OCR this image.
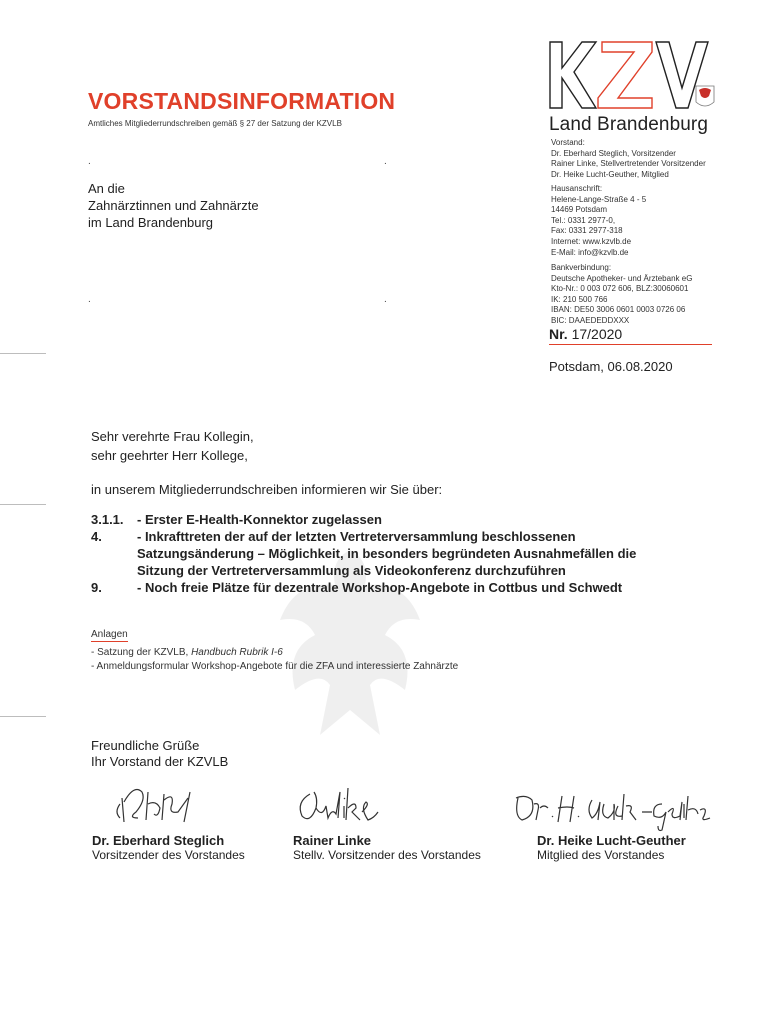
VORSTANDSINFORMATION
Amtliches Mitgliederrundschreiben gemäß § 27 der Satzung der KZVLB
.	.
.	.
An die
Zahnärztinnen und Zahnärzte
im Land Brandenburg
Land Brandenburg
Vorstand:
Dr. Eberhard Steglich, Vorsitzender
Rainer Linke, Stellvertretender Vorsitzender
Dr. Heike Lucht-Geuther, Mitglied
Hausanschrift:
Helene-Lange-Straße 4 - 5
14469 Potsdam
Tel.: 0331 2977-0,
Fax: 0331 2977-318
Internet: www.kzvlb.de
E-Mail: info@kzvlb.de
Bankverbindung:
Deutsche Apotheker- und Ärztebank eG
Kto-Nr.: 0 003 072 606, BLZ:30060601
IK: 210 500 766
IBAN: DE50 3006 0601 0003 0726 06
BIC: DAAEDEDDXXX
Nr. 17/2020
Potsdam, 06.08.2020
Sehr verehrte Frau Kollegin,
sehr geehrter Herr Kollege,
in unserem Mitgliederrundschreiben informieren wir Sie über:
3.1.1.	- Erster E-Health-Konnektor zugelassen
4.	- Inkrafttreten der auf der letzten Vertreterversammlung beschlossenen Satzungsänderung – Möglichkeit, in besonders begründeten Ausnahmefällen die Sitzung der Vertreterversammlung als Videokonferenz durchzuführen
9.	- Noch freie Plätze für dezentrale Workshop-Angebote in Cottbus und Schwedt
Anlagen
- Satzung der KZVLB, Handbuch Rubrik I-6
- Anmeldungsformular Workshop-Angebote für die ZFA und interessierte Zahnärzte
Freundliche Grüße
Ihr Vorstand der KZVLB
Dr. Eberhard Steglich
Vorsitzender des Vorstandes
Rainer Linke
Stellv. Vorsitzender des Vorstandes
Dr. Heike Lucht-Geuther
Mitglied des Vorstandes
